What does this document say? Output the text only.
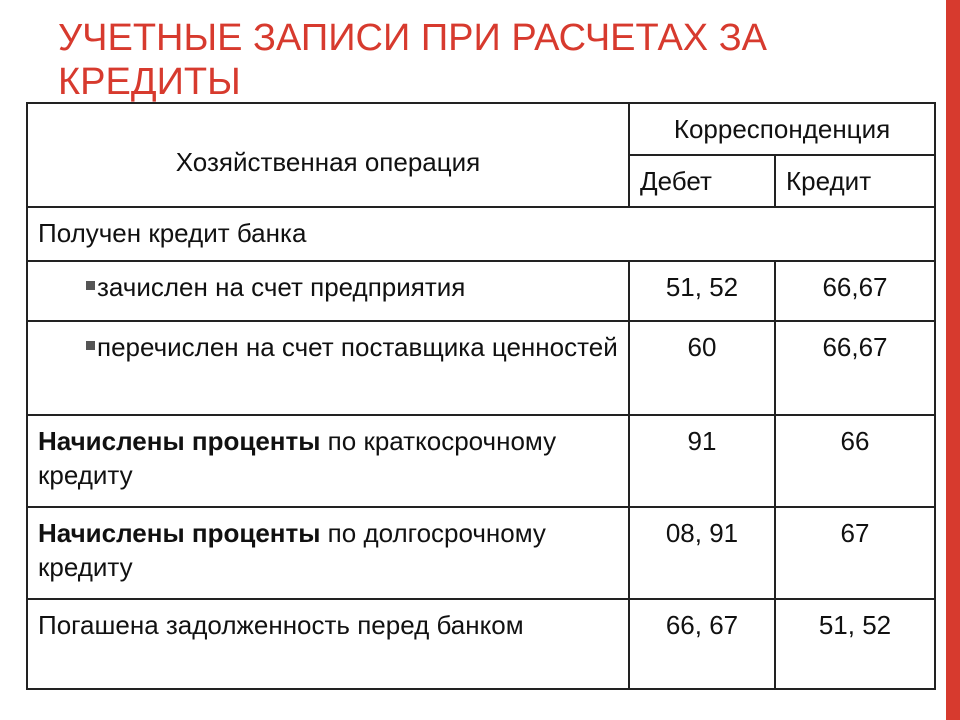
УЧЕТНЫЕ ЗАПИСИ ПРИ РАСЧЕТАХ ЗА КРЕДИТЫ
Хозяйственная операция	Корреспонденция	
	Дебет	Кредит
Получен кредит банка		
зачислен на счет предприятия	51, 52	66,67
перечислен на счет поставщика ценностей	60	66,67
Начислены проценты по краткосрочному кредиту	91	66
Начислены проценты по долгосрочному кредиту	08, 91	67
Погашена задолженность перед банком	66, 67	51, 52
